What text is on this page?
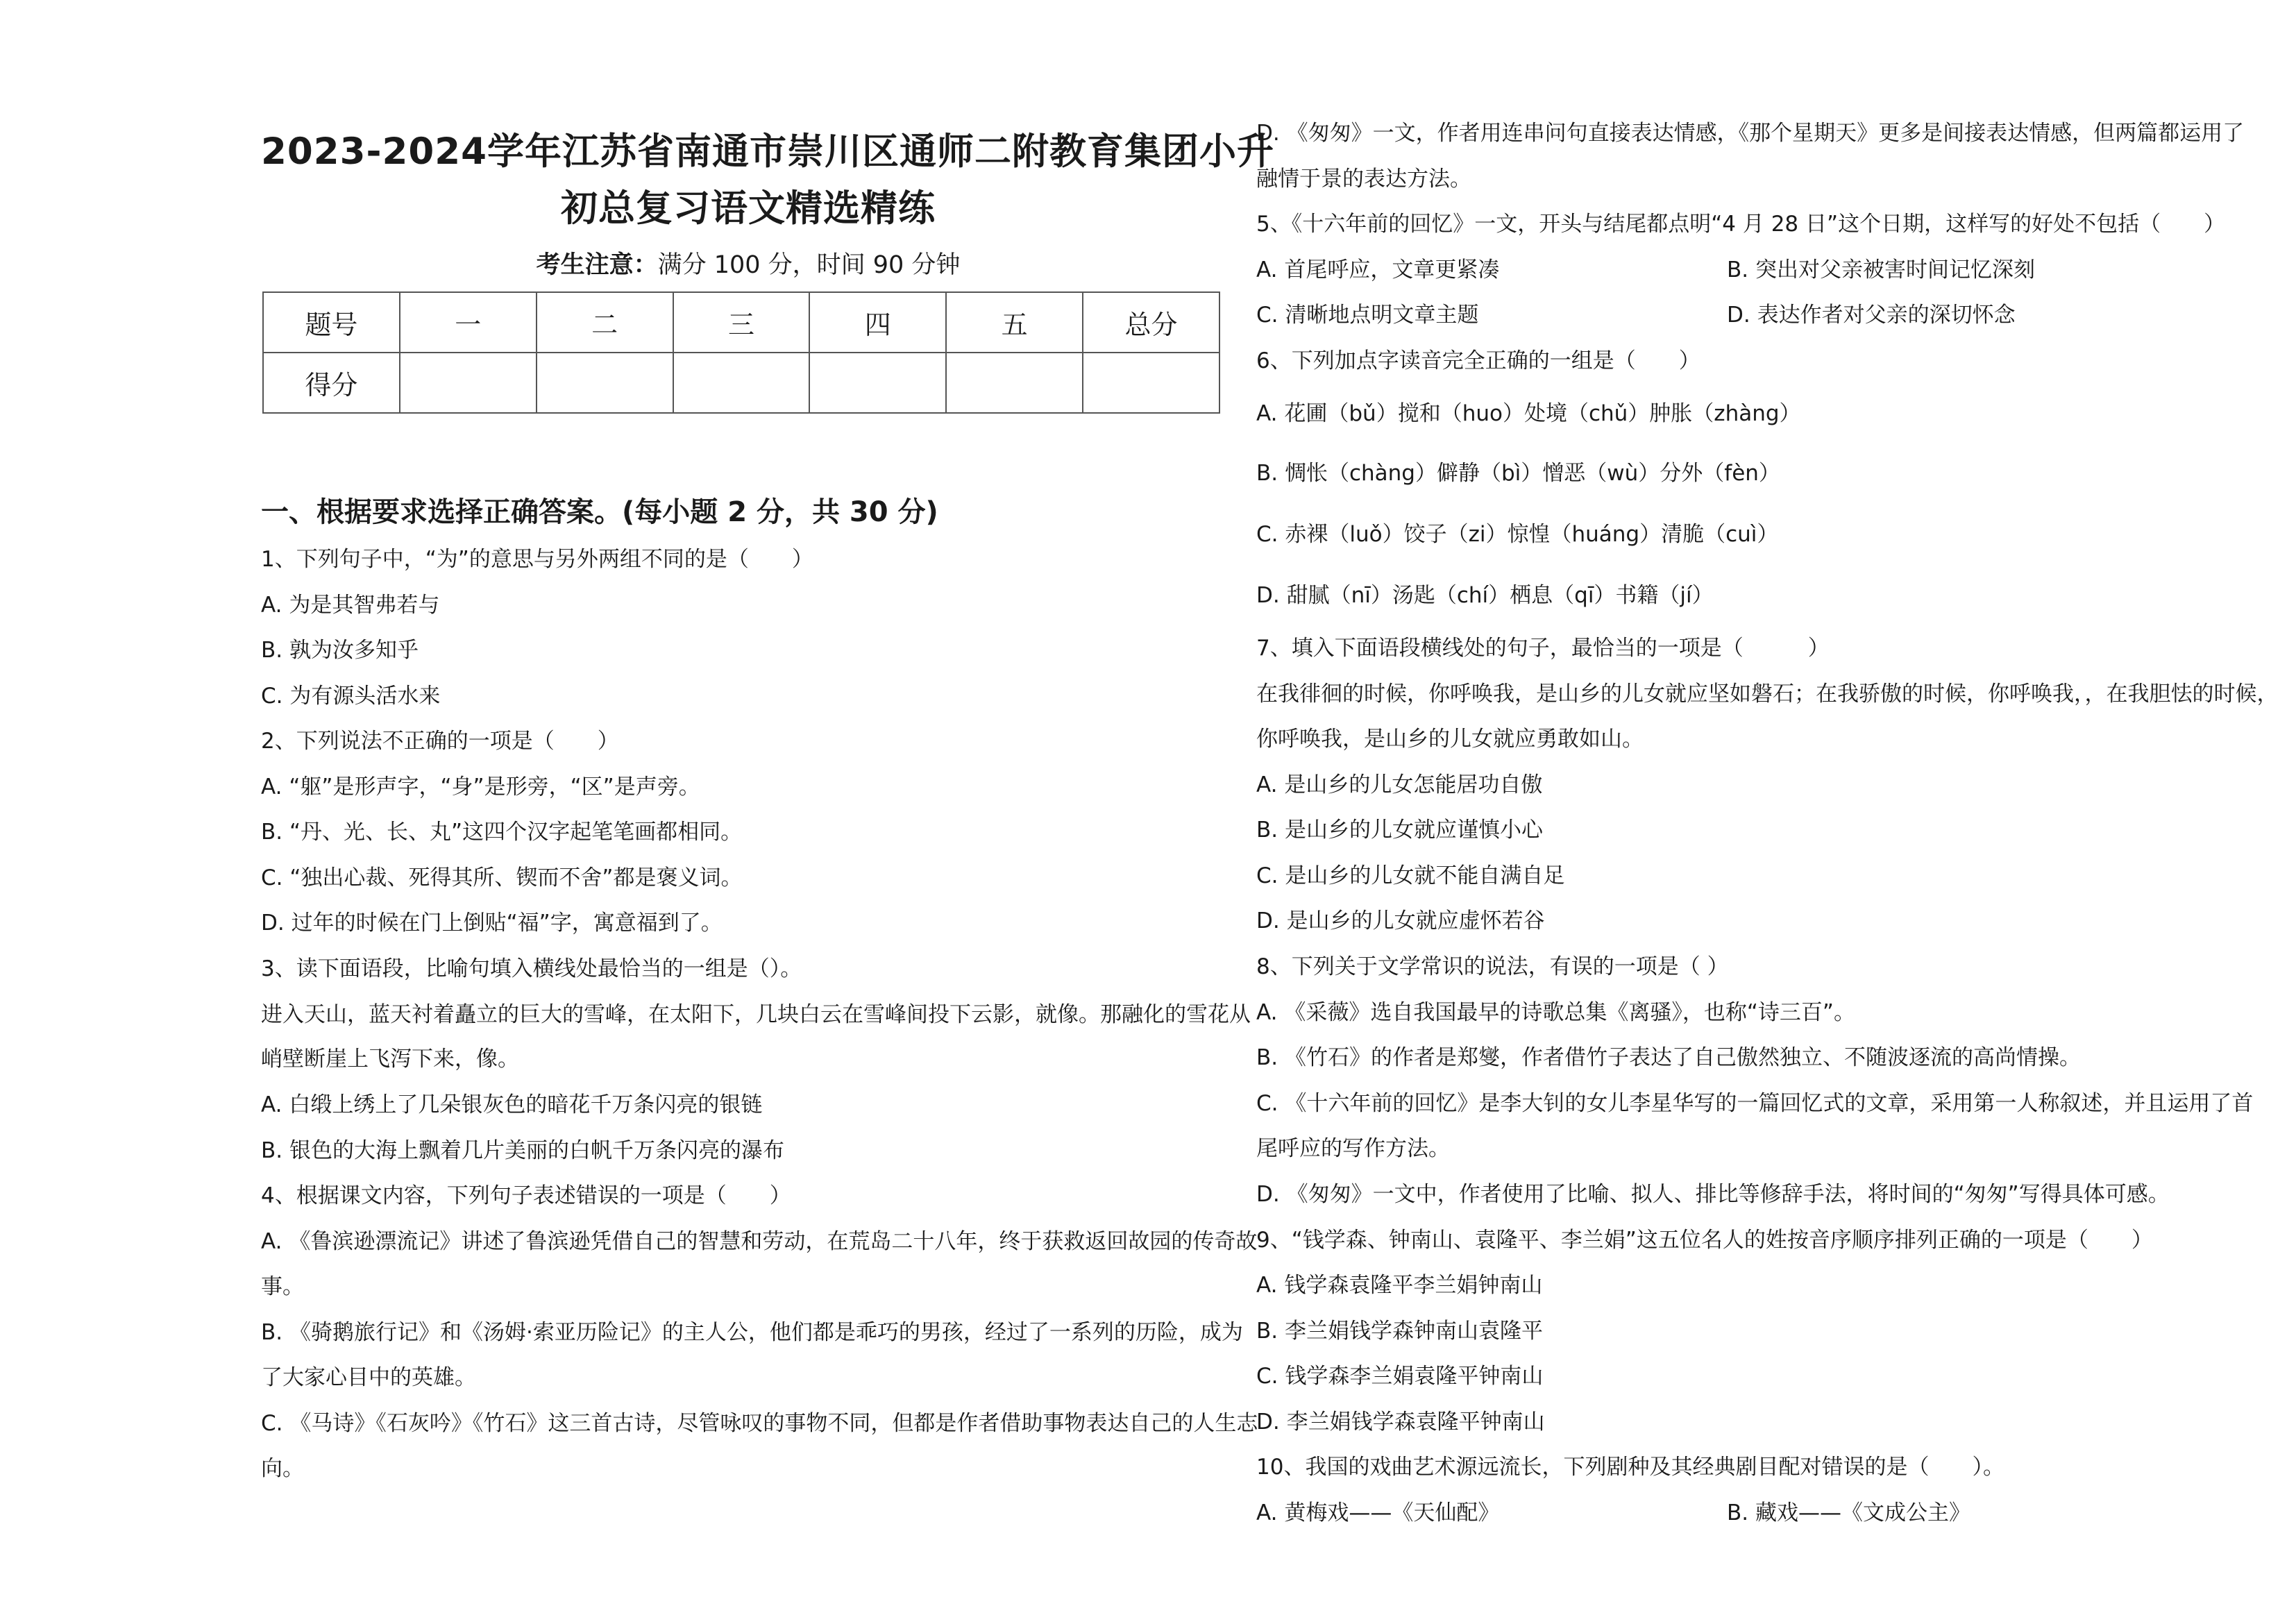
2023-2024学年江苏省南通市崇川区通师二附教育集团小升
初总复习语文精选精练
考生注意：满分 100 分，时间 90 分钟
题号	一	二	三	四	五	总分
得分						
一、根据要求选择正确答案。(每小题 2 分，共 30 分)
1、下列句子中，“为”的意思与另外两组不同的是（　　）
A. 为是其智弗若与
B. 孰为汝多知乎
C. 为有源头活水来
2、下列说法不正确的一项是（　　）
A. “躯”是形声字，“身”是形旁，“区”是声旁。
B. “丹、光、长、丸”这四个汉字起笔笔画都相同。
C. “独出心裁、死得其所、锲而不舍”都是褒义词。
D. 过年的时候在门上倒贴“福”字，寓意福到了。
3、读下面语段，比喻句填入横线处最恰当的一组是（）。
进入天山，蓝天衬着矗立的巨大的雪峰，在太阳下，几块白云在雪峰间投下云影，就像。那融化的雪花从
峭壁断崖上飞泻下来，像。
A. 白缎上绣上了几朵银灰色的暗花千万条闪亮的银链
B. 银色的大海上飘着几片美丽的白帆千万条闪亮的瀑布
4、根据课文内容，下列句子表述错误的一项是（　　）
A. 《鲁滨逊漂流记》讲述了鲁滨逊凭借自己的智慧和劳动，在荒岛二十八年，终于获救返回故园的传奇故
事。
B. 《骑鹅旅行记》和《汤姆·索亚历险记》的主人公，他们都是乖巧的男孩，经过了一系列的历险，成为
了大家心目中的英雄。
C. 《马诗》《石灰吟》《竹石》这三首古诗，尽管咏叹的事物不同，但都是作者借助事物表达自己的人生志
向。
D. 《匆匆》一文，作者用连串问句直接表达情感，《那个星期天》更多是间接表达情感，但两篇都运用了
融情于景的表达方法。
5、《十六年前的回忆》一文，开头与结尾都点明“4 月 28 日”这个日期，这样写的好处不包括（　　）
A. 首尾呼应，文章更紧凑	B. 突出对父亲被害时间记忆深刻
C. 清晰地点明文章主题	D. 表达作者对父亲的深切怀念
6、下列加点字读音完全正确的一组是（　　）
A. 花圃（bǔ）搅和（huo）处境（chǔ）肿胀（zhàng）
B. 惆怅（chàng）僻静（bì）憎恶（wù）分外（fèn）
C. 赤裸（luǒ）饺子（zi）惊惶（huáng）清脆（cuì）
D. 甜腻（nī）汤匙（chí）栖息（qī）书籍（jí）
7、填入下面语段横线处的句子，最恰当的一项是（　　　）
在我徘徊的时候，你呼唤我，是山乡的儿女就应坚如磐石；在我骄傲的时候，你呼唤我，，在我胆怯的时候，
你呼唤我，是山乡的儿女就应勇敢如山。
A. 是山乡的儿女怎能居功自傲
B. 是山乡的儿女就应谨慎小心
C. 是山乡的儿女就不能自满自足
D. 是山乡的儿女就应虚怀若谷
8、下列关于文学常识的说法，有误的一项是（ ）
A. 《采薇》选自我国最早的诗歌总集《离骚》，也称“诗三百”。
B. 《竹石》的作者是郑燮，作者借竹子表达了自己傲然独立、不随波逐流的高尚情操。
C. 《十六年前的回忆》是李大钊的女儿李星华写的一篇回忆式的文章，采用第一人称叙述，并且运用了首
尾呼应的写作方法。
D. 《匆匆》一文中，作者使用了比喻、拟人、排比等修辞手法，将时间的“匆匆”写得具体可感。
9、“钱学森、钟南山、袁隆平、李兰娟”这五位名人的姓按音序顺序排列正确的一项是（　　）
A. 钱学森袁隆平李兰娟钟南山
B. 李兰娟钱学森钟南山袁隆平
C. 钱学森李兰娟袁隆平钟南山
D. 李兰娟钱学森袁隆平钟南山
10、我国的戏曲艺术源远流长，下列剧种及其经典剧目配对错误的是（　　）。
A. 黄梅戏——《天仙配》	B. 藏戏——《文成公主》
